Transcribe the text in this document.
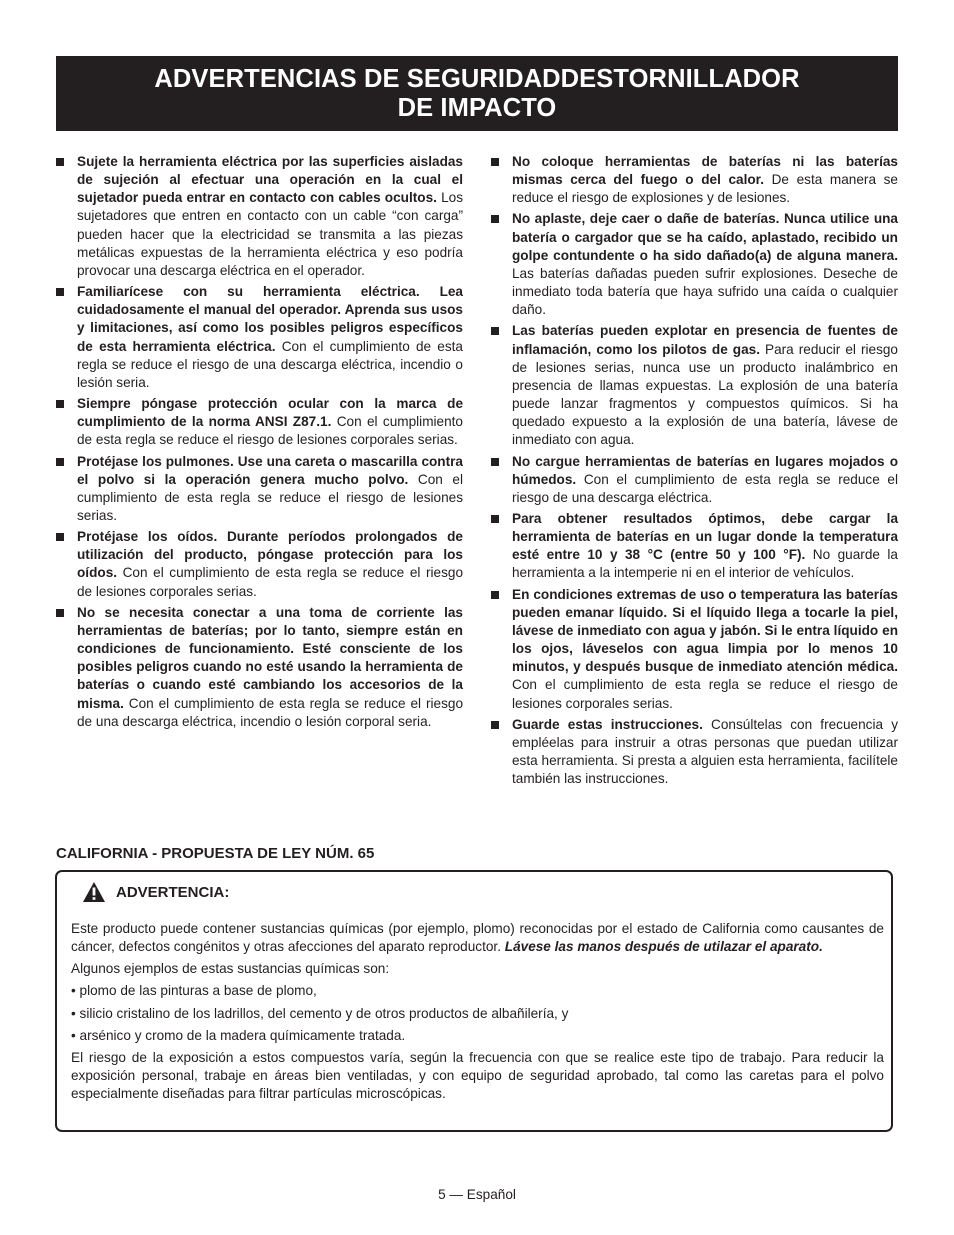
ADVERTENCIAS DE SEGURIDADDESTORNILLADOR
DE IMPACTO
Sujete la herramienta eléctrica por las superficies aisladas de sujeción al efectuar una operación en la cual el sujetador pueda entrar en contacto con cables ocultos. Los sujetadores que entren en contacto con un cable “con carga” pueden hacer que la electricidad se transmita a las piezas metálicas expuestas de la herramienta eléctrica y eso podría provocar una descarga eléctrica en el operador.
Familiarícese con su herramienta eléctrica. Lea cuidadosamente el manual del operador. Aprenda sus usos y limitaciones, así como los posibles peligros específicos de esta herramienta eléctrica. Con el cumplimiento de esta regla se reduce el riesgo de una descarga eléctrica, incendio o lesión seria.
Siempre póngase protección ocular con la marca de cumplimiento de la norma ANSI Z87.1. Con el cumplimiento de esta regla se reduce el riesgo de lesiones corporales serias.
Protéjase los pulmones. Use una careta o mascarilla contra el polvo si la operación genera mucho polvo. Con el cumplimiento de esta regla se reduce el riesgo de lesiones serias.
Protéjase los oídos. Durante períodos prolongados de utilización del producto, póngase protección para los oídos. Con el cumplimiento de esta regla se reduce el riesgo de lesiones corporales serias.
No se necesita conectar a una toma de corriente las herramientas de baterías; por lo tanto, siempre están en condiciones de funcionamiento. Esté consciente de los posibles peligros cuando no esté usando la herramienta de baterías o cuando esté cambiando los accesorios de la misma. Con el cumplimiento de esta regla se reduce el riesgo de una descarga eléctrica, incendio o lesión corporal seria.
No coloque herramientas de baterías ni las baterías mismas cerca del fuego o del calor. De esta manera se reduce el riesgo de explosiones y de lesiones.
No aplaste, deje caer o dañe de baterías. Nunca utilice una batería o cargador que se ha caído, aplastado, recibido un golpe contundente o ha sido dañado(a) de alguna manera. Las baterías dañadas pueden sufrir explosiones. Deseche de inmediato toda batería que haya sufrido una caída o cualquier daño.
Las baterías pueden explotar en presencia de fuentes de inflamación, como los pilotos de gas. Para reducir el riesgo de lesiones serias, nunca use un producto inalámbrico en presencia de llamas expuestas. La explosión de una batería puede lanzar fragmentos y compuestos químicos. Si ha quedado expuesto a la explosión de una batería, lávese de inmediato con agua.
No cargue herramientas de baterías en lugares mojados o húmedos. Con el cumplimiento de esta regla se reduce el riesgo de una descarga eléctrica.
Para obtener resultados óptimos, debe cargar la herramienta de baterías en un lugar donde la temperatura esté entre 10 y 38 °C (entre 50 y 100 °F). No guarde la herramienta a la intemperie ni en el interior de vehículos.
En condiciones extremas de uso o temperatura las baterías pueden emanar líquido. Si el líquido llega a tocarle la piel, lávese de inmediato con agua y jabón. Si le entra líquido en los ojos, láveselos con agua limpia por lo menos 10 minutos, y después busque de inmediato atención médica. Con el cumplimiento de esta regla se reduce el riesgo de lesiones corporales serias.
Guarde estas instrucciones. Consúltelas con frecuencia y empléelas para instruir a otras personas que puedan utilizar esta herramienta. Si presta a alguien esta herramienta, facilítele también las instrucciones.
CALIFORNIA - PROPUESTA DE LEY NÚM. 65
ADVERTENCIA:

Este producto puede contener sustancias químicas (por ejemplo, plomo) reconocidas por el estado de California como causantes de cáncer, defectos congénitos y otras afecciones del aparato reproductor. Lávese las manos después de utilazar el aparato.

Algunos ejemplos de estas sustancias químicas son:

• plomo de las pinturas a base de plomo,

• silicio cristalino de los ladrillos, del cemento y de otros productos de albañilería, y

• arsénico y cromo de la madera químicamente tratada.

El riesgo de la exposición a estos compuestos varía, según la frecuencia con que se realice este tipo de trabajo. Para reducir la exposición personal, trabaje en áreas bien ventiladas, y con equipo de seguridad aprobado, tal como las caretas para el polvo especialmente diseñadas para filtrar partículas microscópicas.

5 — Español
